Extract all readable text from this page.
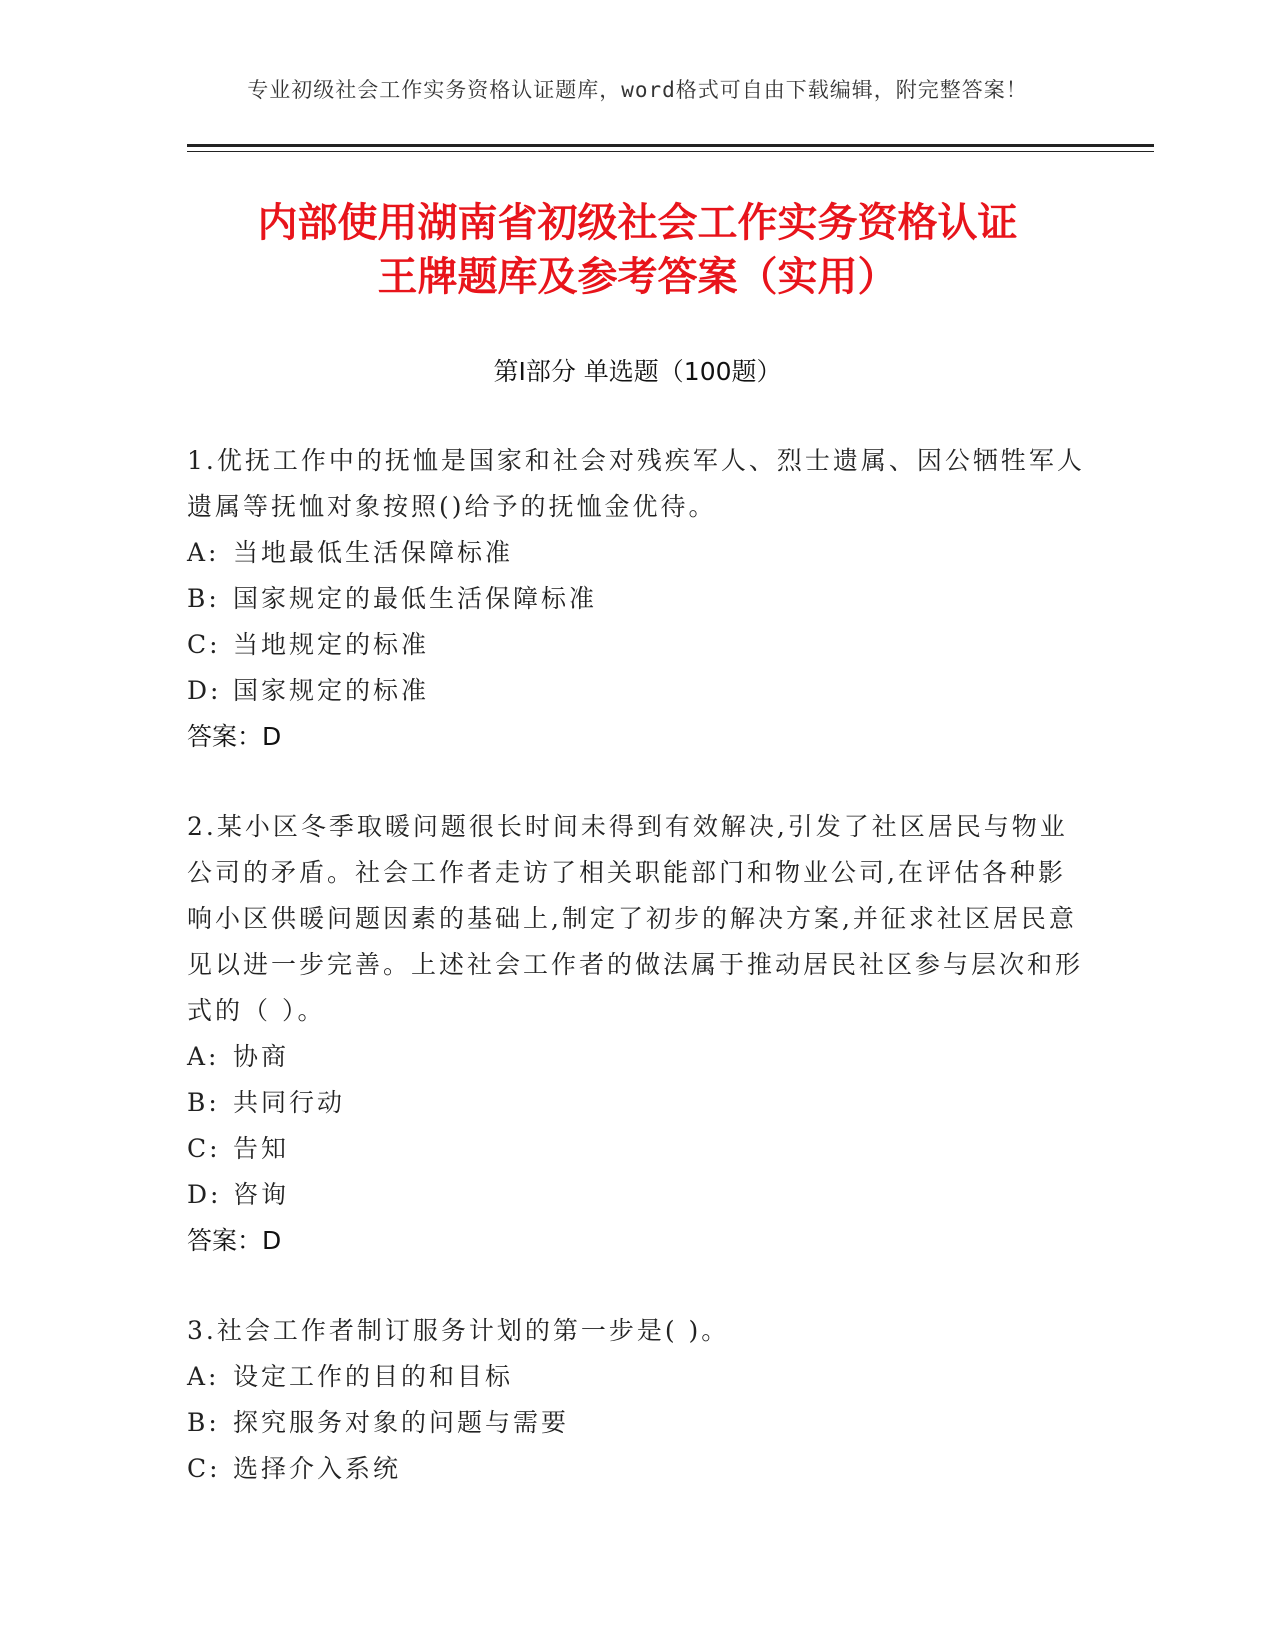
专业初级社会工作实务资格认证题库，word格式可自由下载编辑，附完整答案！
内部使用湖南省初级社会工作实务资格认证
王牌题库及参考答案（实用）
第Ⅰ部分 单选题（100题）

1.优抚工作中的抚恤是国家和社会对残疾军人、烈士遗属、因公牺牲军人遗属等抚恤对象按照()给予的抚恤金优待。

A: 当地最低生活保障标准
B: 国家规定的最低生活保障标准
C: 当地规定的标准
D: 国家规定的标准
答案：D

2.某小区冬季取暖问题很长时间未得到有效解决,引发了社区居民与物业公司的矛盾。社会工作者走访了相关职能部门和物业公司,在评估各种影响小区供暖问题因素的基础上,制定了初步的解决方案,并征求社区居民意见以进一步完善。上述社会工作者的做法属于推动居民社区参与层次和形式的（ ）。

A: 协商
B: 共同行动
C: 告知
D: 咨询
答案：D

3.社会工作者制订服务计划的第一步是( )。

A: 设定工作的目的和目标
B: 探究服务对象的问题与需要
C: 选择介入系统
